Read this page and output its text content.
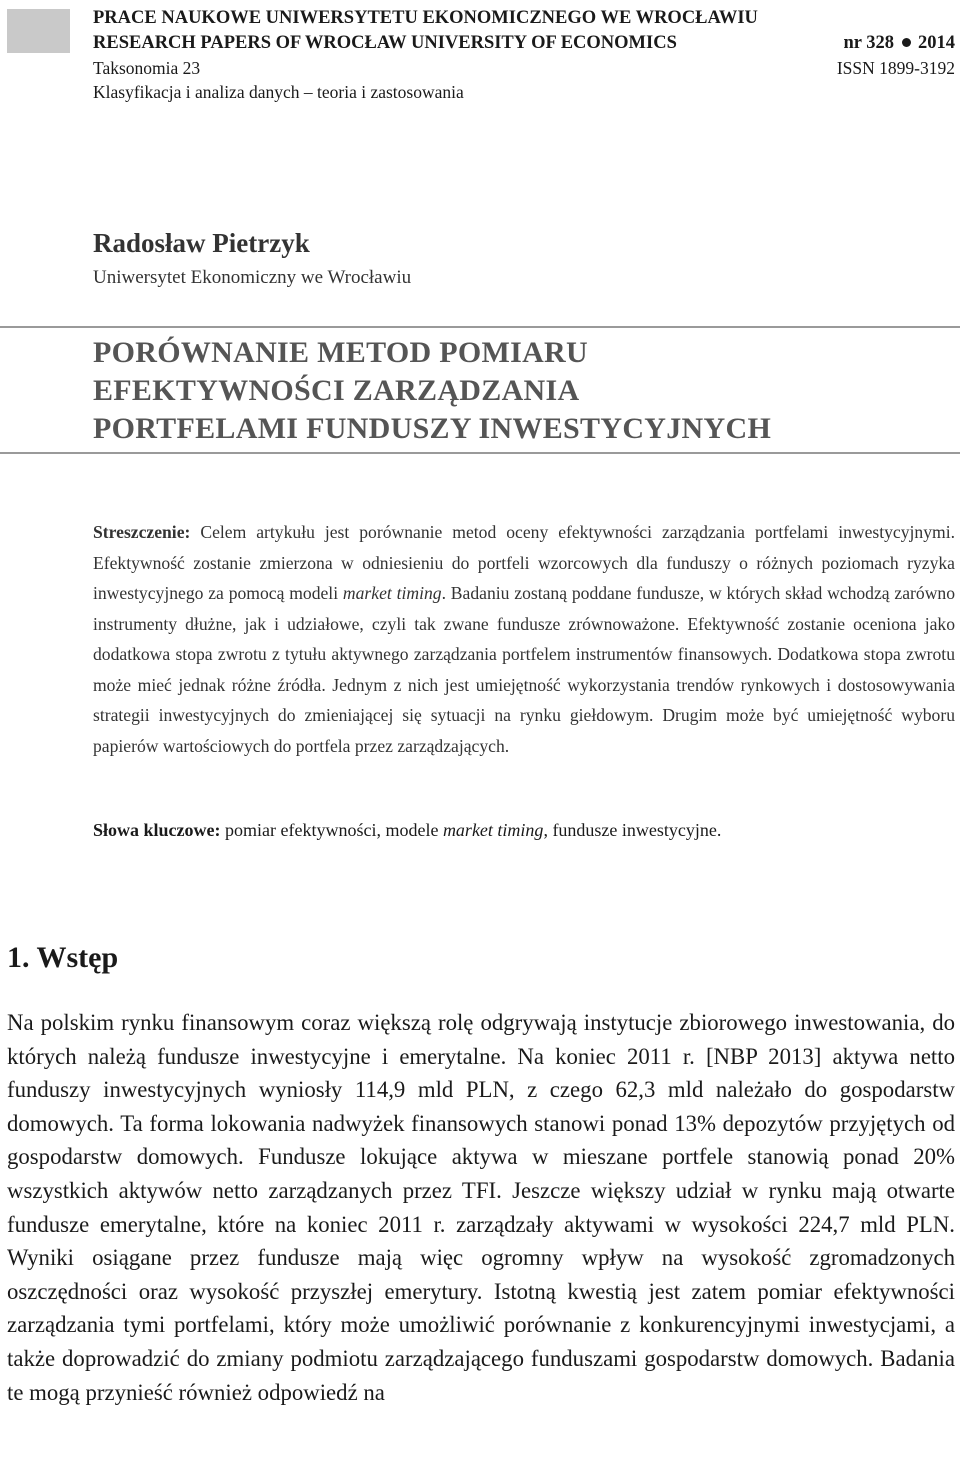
PRACE NAUKOWE UNIWERSYTETU EKONOMICZNEGO WE WROCŁAWIU
RESEARCH PAPERS OF WROCŁAW UNIVERSITY OF ECONOMICS	nr 328 2014
Taksonomia 23	ISSN 1899-3192
Klasyfikacja i analiza danych – teoria i zastosowania
Radosław Pietrzyk
Uniwersytet Ekonomiczny we Wrocławiu
PORÓWNANIE METOD POMIARU
EFEKTYWNOŚCI ZARZĄDZANIA
PORTFELAMI FUNDUSZY INWESTYCYJNYCH
Streszczenie: Celem artykułu jest porównanie metod oceny efektywności zarządzania portfelami inwestycyjnymi. Efektywność zostanie zmierzona w odniesieniu do portfeli wzorcowych dla funduszy o różnych poziomach ryzyka inwestycyjnego za pomocą modeli market timing. Badaniu zostaną poddane fundusze, w których skład wchodzą zarówno instrumenty dłużne, jak i udziałowe, czyli tak zwane fundusze zrównoważone. Efektywność zostanie oceniona jako dodatkowa stopa zwrotu z tytułu aktywnego zarządzania portfelem instrumentów finansowych. Dodatkowa stopa zwrotu może mieć jednak różne źródła. Jednym z nich jest umiejętność wykorzystania trendów rynkowych i dostosowywania strategii inwestycyjnych do zmieniającej się sytuacji na rynku giełdowym. Drugim może być umiejętność wyboru papierów wartościowych do portfela przez zarządzających.
Słowa kluczowe: pomiar efektywności, modele market timing, fundusze inwestycyjne.
1. Wstęp
Na polskim rynku finansowym coraz większą rolę odgrywają instytucje zbiorowego inwestowania, do których należą fundusze inwestycyjne i emerytalne. Na koniec 2011 r. [NBP 2013] aktywa netto funduszy inwestycyjnych wyniosły 114,9 mld PLN, z czego 62,3 mld należało do gospodarstw domowych. Ta forma lokowania nadwyżek finansowych stanowi ponad 13% depozytów przyjętych od gospodarstw domowych. Fundusze lokujące aktywa w mieszane portfele stanowią ponad 20% wszystkich aktywów netto zarządzanych przez TFI. Jeszcze większy udział w rynku mają otwarte fundusze emerytalne, które na koniec 2011 r. zarządzały aktywami w wysokości 224,7 mld PLN. Wyniki osiągane przez fundusze mają więc ogromny wpływ na wysokość zgromadzonych oszczędności oraz wysokość przyszłej emerytury. Istotną kwestią jest zatem pomiar efektywności zarządzania tymi portfelami, który może umożliwić porównanie z konkurencyjnymi inwestycjami, a także doprowadzić do zmiany podmiotu zarządzającego funduszami gospodarstw domowych. Badania te mogą przynieść również odpowiedź na
